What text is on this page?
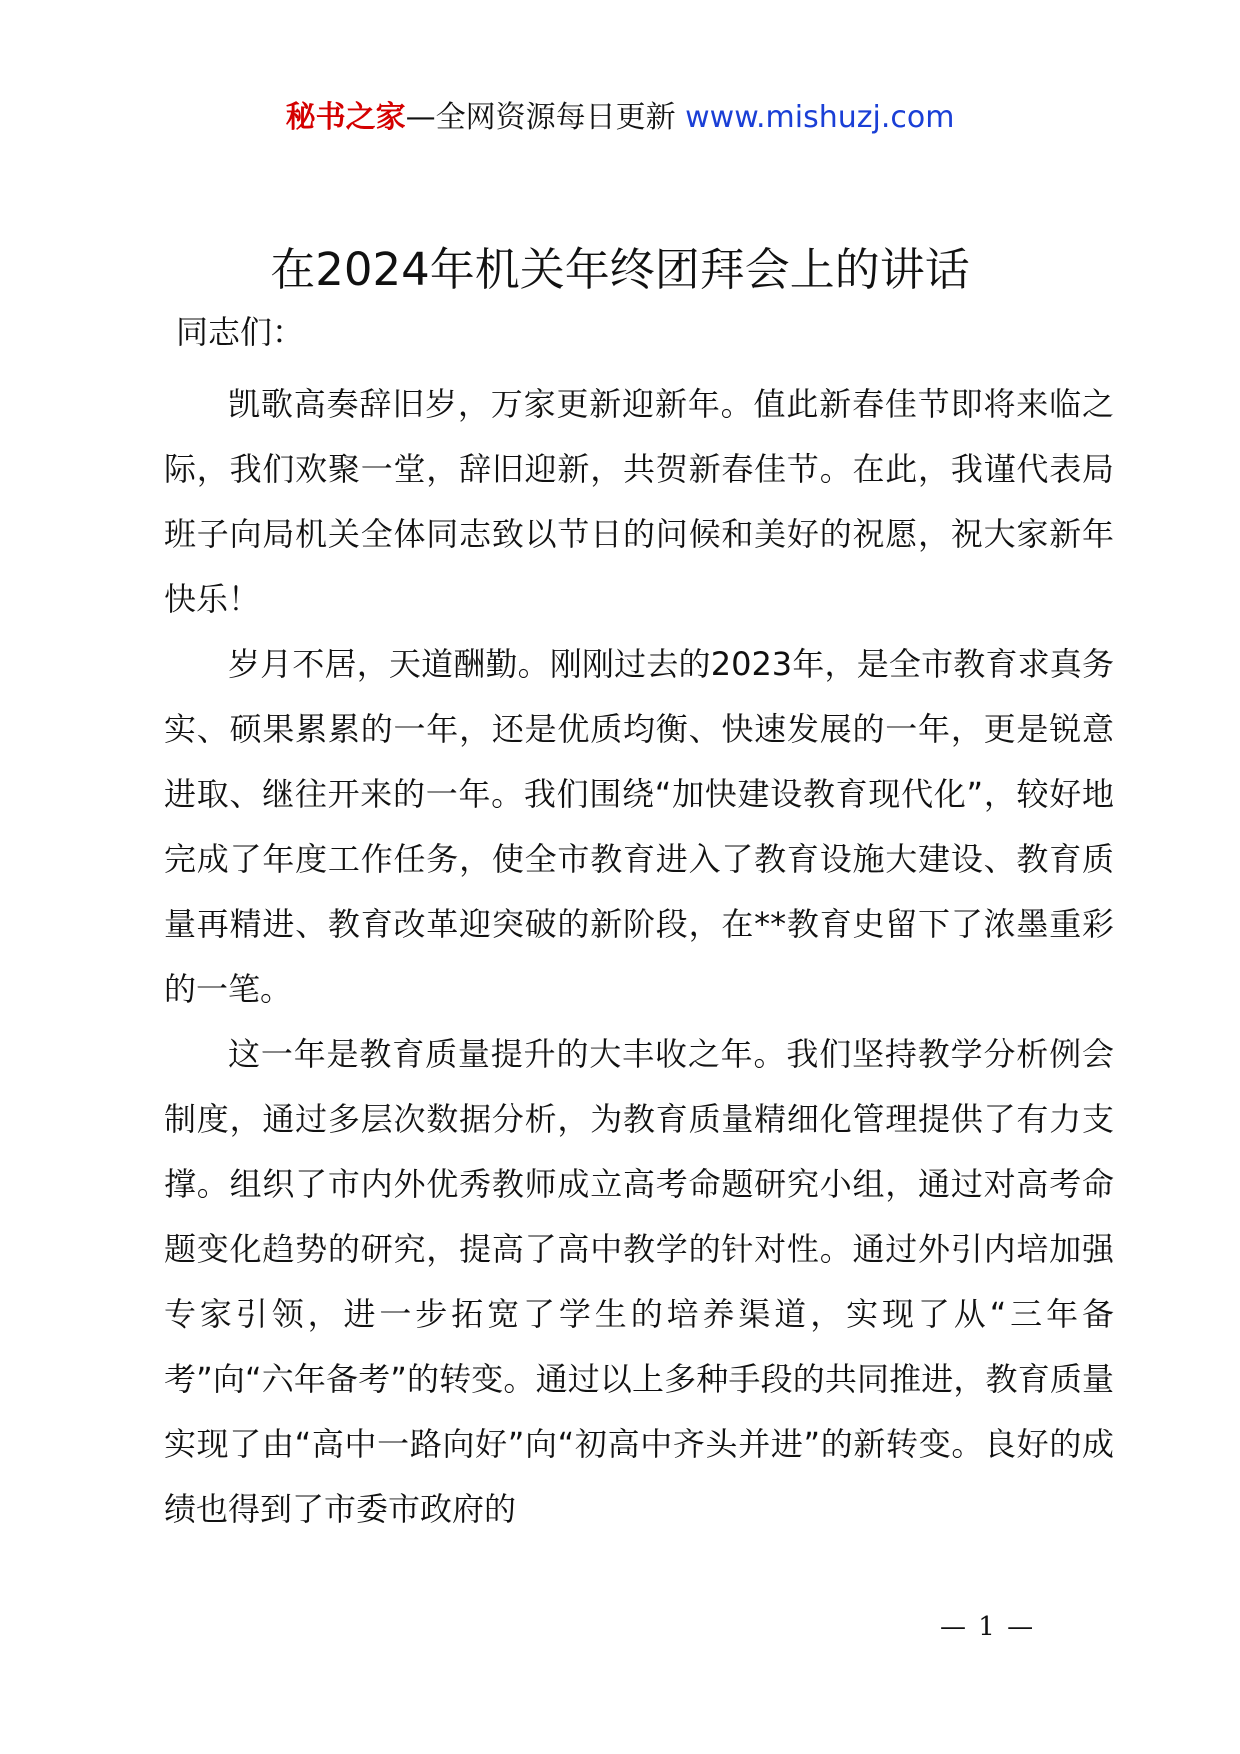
秘书之家—全网资源每日更新 www.mishuzj.com
在2024年机关年终团拜会上的讲话
同志们：

凯歌高奏辞旧岁，万家更新迎新年。值此新春佳节即将来临之际，我们欢聚一堂，辞旧迎新，共贺新春佳节。在此，我谨代表局班子向局机关全体同志致以节日的问候和美好的祝愿，祝大家新年快乐！

岁月不居，天道酬勤。刚刚过去的2023年，是全市教育求真务实、硕果累累的一年，还是优质均衡、快速发展的一年，更是锐意进取、继往开来的一年。我们围绕“加快建设教育现代化”，较好地完成了年度工作任务，使全市教育进入了教育设施大建设、教育质量再精进、教育改革迎突破的新阶段，在**教育史留下了浓墨重彩的一笔。

这一年是教育质量提升的大丰收之年。我们坚持教学分析例会制度，通过多层次数据分析，为教育质量精细化管理提供了有力支撑。组织了市内外优秀教师成立高考命题研究小组，通过对高考命题变化趋势的研究，提高了高中教学的针对性。通过外引内培加强专家引领，进一步拓宽了学生的培养渠道，实现了从“三年备考”向“六年备考”的转变。通过以上多种手段的共同推进，教育质量实现了由“高中一路向好”向“初高中齐头并进”的新转变。良好的成绩也得到了市委市政府的

— 1 —
